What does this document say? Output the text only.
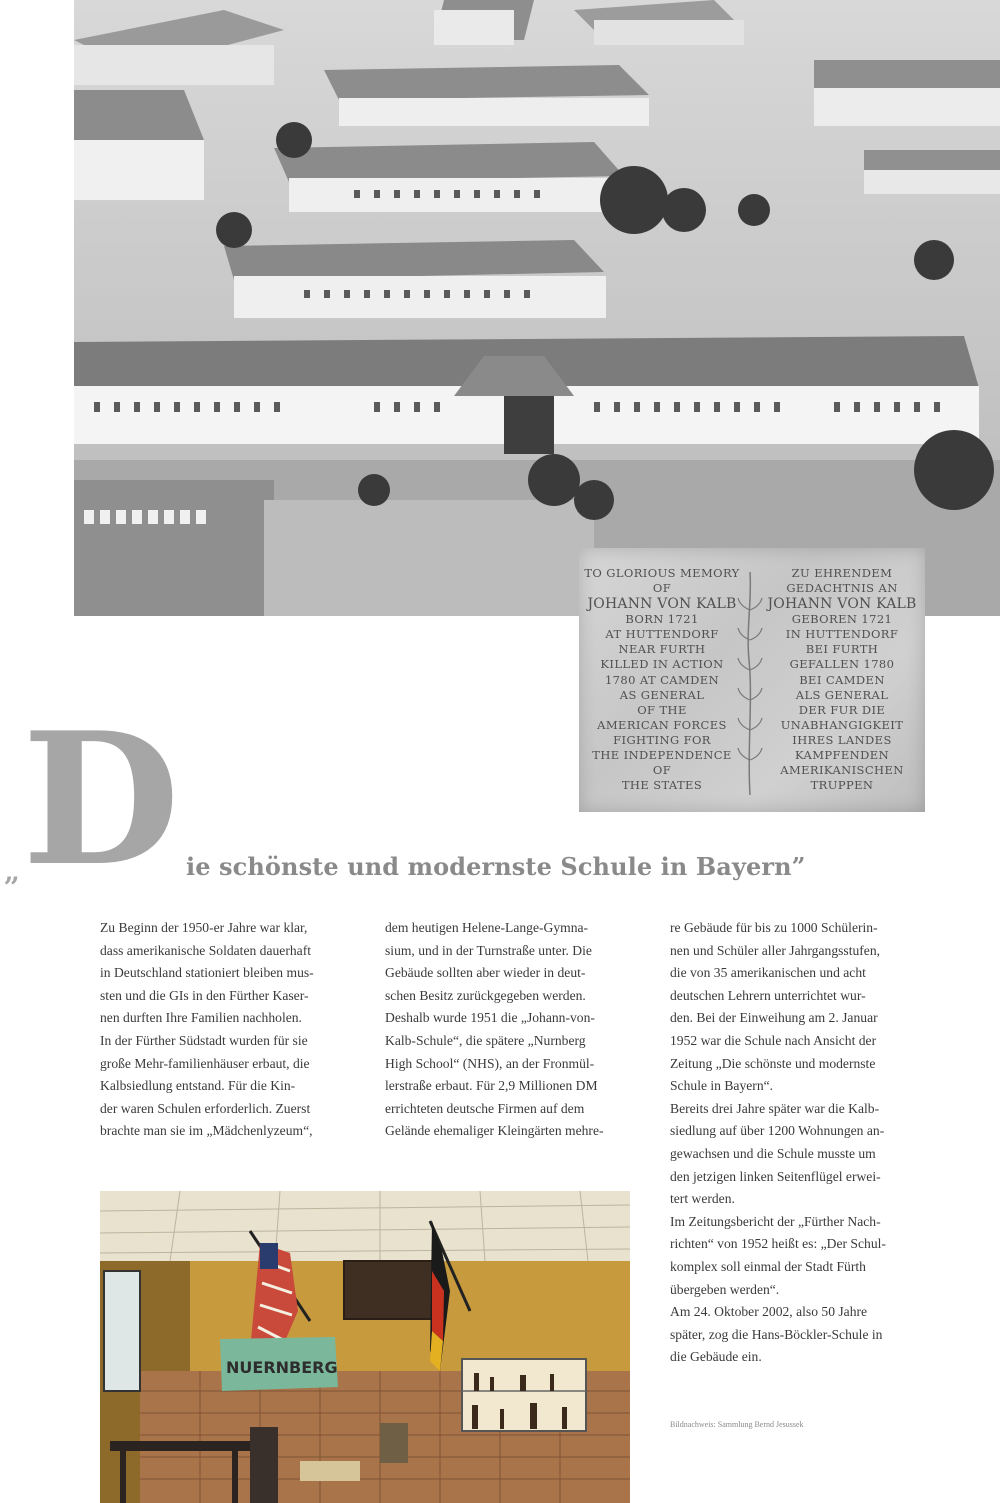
TO GLORIOUS MEMORY
OF
JOHANN VON KALB
BORN 1721
AT HUTTENDORF
NEAR FURTH
KILLED IN ACTION
1780 AT CAMDEN
AS GENERAL
OF THE
AMERICAN FORCES
FIGHTING FOR
THE INDEPENDENCE
OF
THE STATES
ZU EHRENDEM
GEDACHTNIS AN
JOHANN VON KALB
GEBOREN 1721
IN HUTTENDORF
BEI FURTH
GEFALLEN 1780
BEI CAMDEN
ALS GENERAL
DER FUR DIE
UNABHANGIGKEIT
IHRES LANDES
KAMPFENDEN
AMERIKANISCHEN
TRUPPEN
„ D ie schönste und modernste Schule in Bayern”
Zu Beginn der 1950-er Jahre war klar,
dass amerikanische Soldaten dauerhaft
in Deutschland stationiert bleiben mus-
sten und die GIs in den Fürther Kaser-
nen durften Ihre Familien nachholen.
In der Fürther Südstadt wurden für sie
große Mehr-familienhäuser erbaut, die
Kalbsiedlung entstand. Für die Kin-
der waren Schulen erforderlich. Zuerst
brachte man sie im „Mädchenlyzeum“,
dem heutigen Helene-Lange-Gymna-
sium, und in der Turnstraße unter. Die
Gebäude sollten aber wieder in deut-
schen Besitz zurückgegeben werden.
Deshalb wurde 1951 die „Johann-von-
Kalb-Schule“, die spätere „Nurnberg
High School“ (NHS), an der Fronmül-
lerstraße erbaut. Für 2,9 Millionen DM
errichteten deutsche Firmen auf dem
Gelände ehemaliger Kleingärten mehre-
re Gebäude für bis zu 1000 Schülerin-
nen und Schüler aller Jahrgangsstufen,
die von 35 amerikanischen und acht
deutschen Lehrern unterrichtet wur-
den. Bei der Einweihung am 2. Januar
1952 war die Schule nach Ansicht der
Zeitung „Die schönste und modernste
Schule in Bayern“.
Bereits drei Jahre später war die Kalb-
siedlung auf über 1200 Wohnungen an-
gewachsen und die Schule musste um
den jetzigen linken Seitenflügel erwei-
tert werden.
Im Zeitungsbericht der „Fürther Nach-
richten“ von 1952 heißt es: „Der Schul-
komplex soll einmal der Stadt Fürth
übergeben werden“.
Am 24. Oktober 2002, also 50 Jahre
später, zog die Hans-Böckler-Schule in
die Gebäude ein.
Bildnachweis: Sammlung Bernd Jesussek
NUERNBERG
